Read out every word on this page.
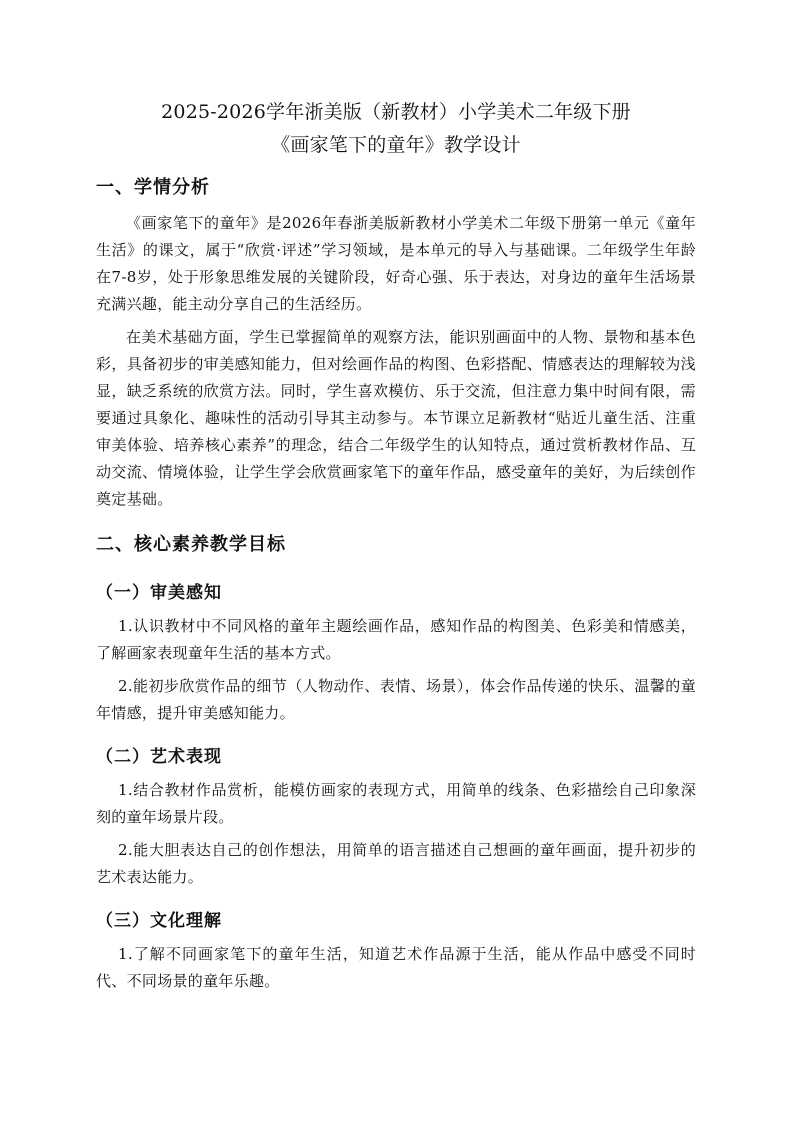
2025-2026学年浙美版（新教材）小学美术二年级下册

《画家笔下的童年》教学设计

一、学情分析

《画家笔下的童年》是2026年春浙美版新教材小学美术二年级下册第一单元《童年生活》的课文，属于“欣赏·评述”学习领域，是本单元的导入与基础课。二年级学生年龄在7-8岁，处于形象思维发展的关键阶段，好奇心强、乐于表达，对身边的童年生活场景充满兴趣，能主动分享自己的生活经历。

在美术基础方面，学生已掌握简单的观察方法，能识别画面中的人物、景物和基本色彩，具备初步的审美感知能力，但对绘画作品的构图、色彩搭配、情感表达的理解较为浅显，缺乏系统的欣赏方法。同时，学生喜欢模仿、乐于交流，但注意力集中时间有限，需要通过具象化、趣味性的活动引导其主动参与。本节课立足新教材“贴近儿童生活、注重审美体验、培养核心素养”的理念，结合二年级学生的认知特点，通过赏析教材作品、互动交流、情境体验，让学生学会欣赏画家笔下的童年作品，感受童年的美好，为后续创作奠定基础。

二、核心素养教学目标
（一）审美感知

1.认识教材中不同风格的童年主题绘画作品，感知作品的构图美、色彩美和情感美，了解画家表现童年生活的基本方式。

2.能初步欣赏作品的细节（人物动作、表情、场景），体会作品传递的快乐、温馨的童年情感，提升审美感知能力。

（二）艺术表现

1.结合教材作品赏析，能模仿画家的表现方式，用简单的线条、色彩描绘自己印象深刻的童年场景片段。

2.能大胆表达自己的创作想法，用简单的语言描述自己想画的童年画面，提升初步的艺术表达能力。

（三）文化理解

1.了解不同画家笔下的童年生活，知道艺术作品源于生活，能从作品中感受不同时代、不同场景的童年乐趣。
